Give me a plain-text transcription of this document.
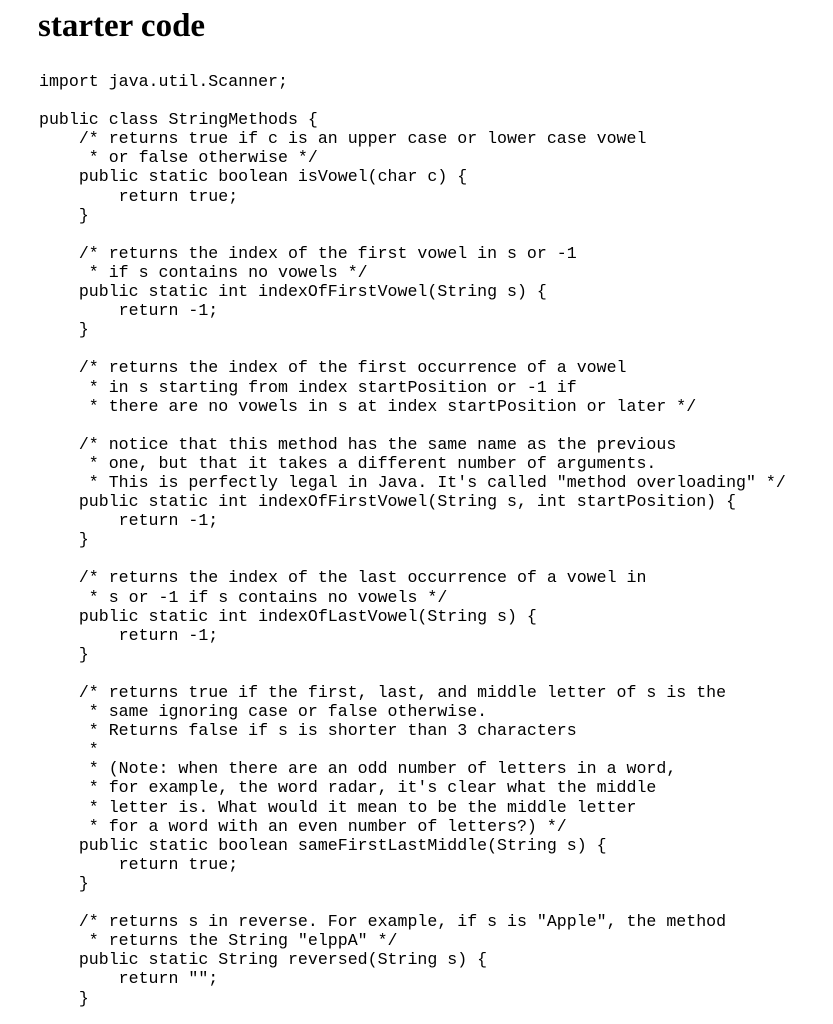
starter code
import java.util.Scanner;
public class StringMethods {
/* returns true if c is an upper case or lower case vowel
* or false otherwise */
public static boolean isVowel(char c) {
return true;
}
/* returns the index of the first vowel in s or -1
* if s contains no vowels */
public static int indexOfFirstVowel(String s) {
return -1;
}
/* returns the index of the first occurrence of a vowel
* in s starting from index startPosition or -1 if
* there are no vowels in s at index startPosition or later */
/* notice that this method has the same name as the previous
* one, but that it takes a different number of arguments.
* This is perfectly legal in Java. It's called "method overloading" */
public static int indexOfFirstVowel(String s, int startPosition) {
return -1;
}
/* returns the index of the last occurrence of a vowel in
* s or -1 if s contains no vowels */
public static int indexOfLastVowel(String s) {
return -1;
}
/* returns true if the first, last, and middle letter of s is the
* same ignoring case or false otherwise.
* Returns false if s is shorter than 3 characters
*
* (Note: when there are an odd number of letters in a word,
* for example, the word radar, it's clear what the middle
* letter is. What would it mean to be the middle letter
* for a word with an even number of letters?) */
public static boolean sameFirstLastMiddle(String s) {
return true;
}
/* returns s in reverse. For example, if s is "Apple", the method
* returns the String "elppA" */
public static String reversed(String s) {
return "";
}
